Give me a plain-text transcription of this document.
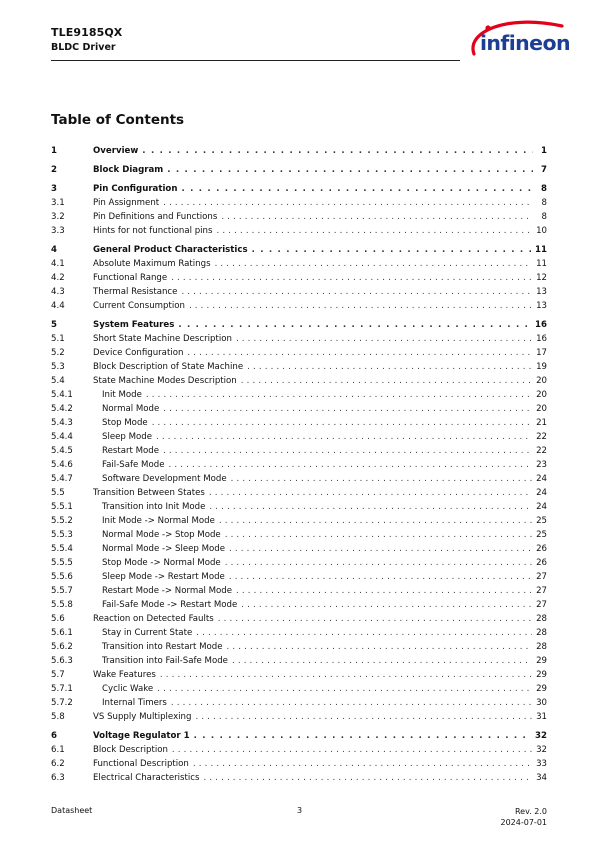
TLE9185QX
BLDC Driver	infineon
Table of Contents
1	Overview . . .	1
2	Block Diagram . . .	7
3	Pin Configuration . . .	8
3.1	Pin Assignment . . .	8
3.2	Pin Definitions and Functions . . .	8
3.3	Hints for not functional pins . . .	10
4	General Product Characteristics . . .	11
4.1	Absolute Maximum Ratings . . .	11
4.2	Functional Range . . .	12
4.3	Thermal Resistance . . .	13
4.4	Current Consumption . . .	13
5	System Features . . .	16
5.1	Short State Machine Description . . .	16
5.2	Device Configuration . . .	17
5.3	Block Description of State Machine . . .	19
5.4	State Machine Modes Description . . .	20
5.4.1	Init Mode . . .	20
5.4.2	Normal Mode . . .	20
5.4.3	Stop Mode . . .	21
5.4.4	Sleep Mode . . .	22
5.4.5	Restart Mode . . .	22
5.4.6	Fail-Safe Mode . . .	23
5.4.7	Software Development Mode . . .	24
5.5	Transition Between States . . .	24
5.5.1	Transition into Init Mode . . .	24
5.5.2	Init Mode -> Normal Mode . . .	25
5.5.3	Normal Mode -> Stop Mode . . .	25
5.5.4	Normal Mode -> Sleep Mode . . .	26
5.5.5	Stop Mode -> Normal Mode . . .	26
5.5.6	Sleep Mode -> Restart Mode . . .	27
5.5.7	Restart Mode -> Normal Mode . . .	27
5.5.8	Fail-Safe Mode -> Restart Mode . . .	27
5.6	Reaction on Detected Faults . . .	28
5.6.1	Stay in Current State . . .	28
5.6.2	Transition into Restart Mode . . .	28
5.6.3	Transition into Fail-Safe Mode . . .	29
5.7	Wake Features . . .	29
5.7.1	Cyclic Wake . . .	29
5.7.2	Internal Timers . . .	30
5.8	VS Supply Multiplexing . . .	31
6	Voltage Regulator 1 . . .	32
6.1	Block Description . . .	32
6.2	Functional Description . . .	33
6.3	Electrical Characteristics . . .	34
Datasheet	3	Rev. 2.0
2024-07-01
